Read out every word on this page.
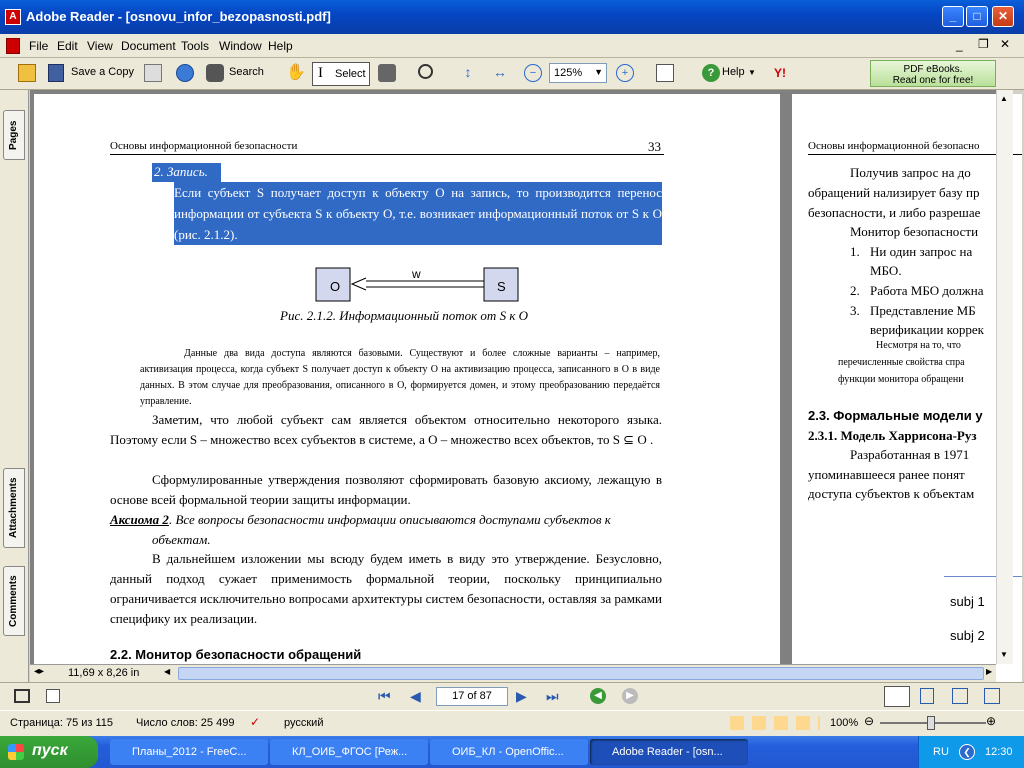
A Adobe Reader - [osnovu_infor_bezopasnosti.pdf]	_	□	✕
File Edit View Document Tools Window Help	_ ❐ ✕
Save a Copy	Search ✋ I Select	↕	↔	−	125% ▼	+	? Help ▼ Y!	PDF eBooks.
Read one for free!
Pages
Attachments
Comments
Основы информационной безопасности	33
2. Запись.
Если субъект S получает доступ к объекту O на запись, то производится перенос информации от субъекта S к объекту O, т.е. возникает информационный поток от S к O (рис. 2.1.2).
O	S
w
Рис. 2.1.2. Информационный поток от S к O
Данные два вида доступа являются базовыми. Существуют и более сложные варианты – например, активизация процесса, когда субъект S получает доступ к объекту O на активизацию процесса, записанного в O в виде данных. В этом случае для преобразования, описанного в O, формируется домен, и этому преобразованию передаётся управление.
Заметим, что любой субъект сам является объектом относительно некоторого языка. Поэтому если S – множество всех субъектов в системе, а O – множество всех объектов, то S ⊆ O .
Сформулированные утверждения позволяют сформировать базовую аксиому, лежащую в основе всей формальной теории защиты информации.
Аксиома 2. Все вопросы безопасности информации описываются доступами субъектов к объектам.
В дальнейшем изложении мы всюду будем иметь в виду это утверждение. Безусловно, данный подход сужает применимость формальной теории, поскольку принципиально ограничивается исключительно вопросами архитектуры систем безопасности, оставляя за рамками специфику их реализации.
2.2. Монитор безопасности обращений
Основы информационной безопасно
Получив запрос на до
обращений нализирует базу пр
безопасности, и либо разрешае
Монитор безопасности
1. Ни один запрос на
МБО.
2. Работа МБО должна
3. Представление МБ
верификации коррек
Несмотря на то, что
перечисленные свойства спра
функции монитора обращени
2.3. Формальные модели у
2.3.1. Модель Харрисона-Руз
Разработанная в 1971
упоминавшееся ранее понят
доступа субъектов к объектам
subj 1
subj 2
▲
▼
◂▸ 11,69 x 8,26 in	◀	▶
⏮ ◀	17 of 87	▶ ⏭	◀	▶
Страница: 75 из 115 Число слов: 25 499 ✓ русский	100% ⊖	⊕
пуск	Планы_2012 - FreeC...	КЛ_ОИБ_ФГОС [Реж...	ОИБ_КЛ - OpenOffic...	Adobe Reader - [osn...	RU	❮	12:30
